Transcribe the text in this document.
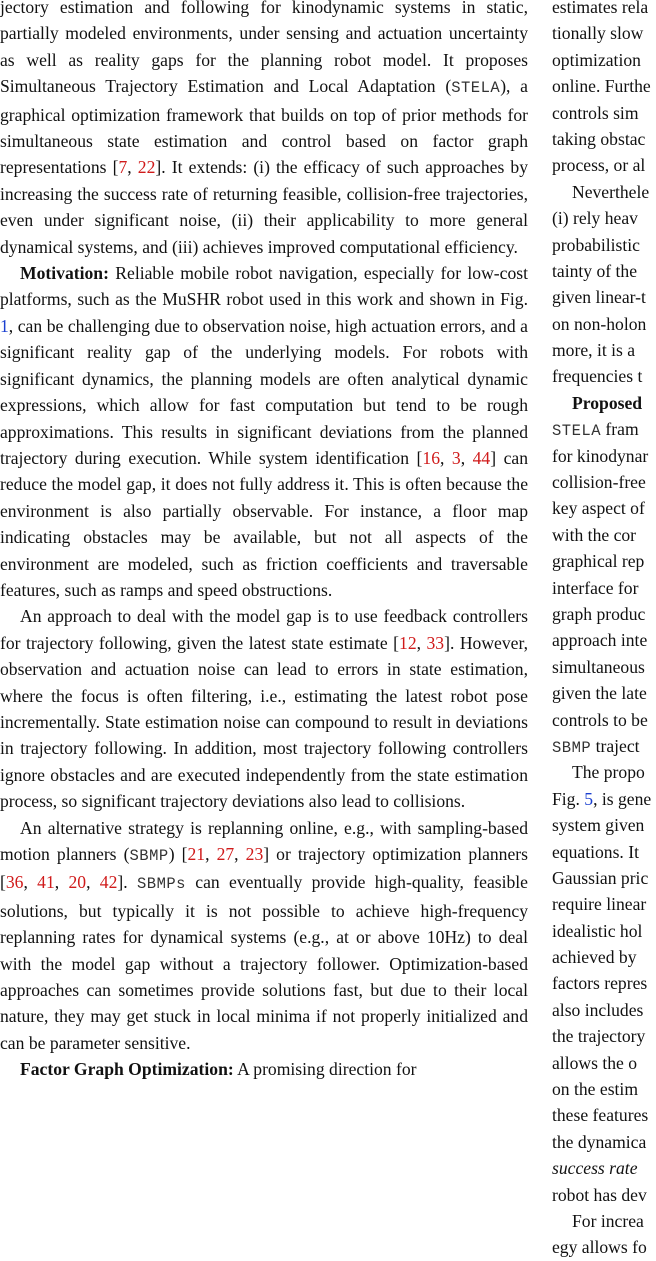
jectory estimation and following for kinodynamic systems in static, partially modeled environments, under sensing and actuation uncertainty as well as reality gaps for the planning robot model. It proposes Simultaneous Trajectory Estimation and Local Adaptation (STELA), a graphical optimization framework that builds on top of prior methods for simultaneous state estimation and control based on factor graph representations [7, 22]. It extends: (i) the efficacy of such approaches by increasing the success rate of returning feasible, collision-free trajectories, even under significant noise, (ii) their applicability to more general dynamical systems, and (iii) achieves improved computational efficiency.

Motivation: Reliable mobile robot navigation, especially for low-cost platforms, such as the MuSHR robot used in this work and shown in Fig. 1, can be challenging due to observation noise, high actuation errors, and a significant reality gap of the underlying models. For robots with significant dynamics, the planning models are often analytical dynamic expressions, which allow for fast computation but tend to be rough approximations. This results in significant deviations from the planned trajectory during execution. While system identification [16, 3, 44] can reduce the model gap, it does not fully address it. This is often because the environment is also partially observable. For instance, a floor map indicating obstacles may be available, but not all aspects of the environment are modeled, such as friction coefficients and traversable features, such as ramps and speed obstructions.

An approach to deal with the model gap is to use feedback controllers for trajectory following, given the latest state estimate [12, 33]. However, observation and actuation noise can lead to errors in state estimation, where the focus is often filtering, i.e., estimating the latest robot pose incrementally. State estimation noise can compound to result in deviations in trajectory following. In addition, most trajectory following controllers ignore obstacles and are executed independently from the state estimation process, so significant trajectory deviations also lead to collisions.

An alternative strategy is replanning online, e.g., with sampling-based motion planners (SBMP) [21, 27, 23] or trajectory optimization planners [36, 41, 20, 42]. SBMPs can eventually provide high-quality, feasible solutions, but typically it is not possible to achieve high-frequency replanning rates for dynamical systems (e.g., at or above 10Hz) to deal with the model gap without a trajectory follower. Optimization-based approaches can sometimes provide solutions fast, but due to their local nature, they may get stuck in local minima if not properly initialized and can be parameter sensitive.

Factor Graph Optimization: A promising direction for

estimates rela
tionally slow
optimization
online. Furthe
controls sim
taking obstac
process, or al
Neverthele
(i) rely heav
probabilistic
tainty of the
given linear-t
on non-holon
more, it is a
frequencies t
Proposed
STELA fram
for kinodynar
collision-free
key aspect of
with the cor
graphical rep
interface for
graph produc
approach inte
simultaneous
given the late
controls to be
SBMP traject
The propo
Fig. 5, is gene
system given
equations. It
Gaussian pric
require linear
idealistic hol
achieved by
factors repres
also includes
the trajectory
allows the o
on the estim
these features
the dynamica
success rate
robot has dev
For increa
egy allows fo
